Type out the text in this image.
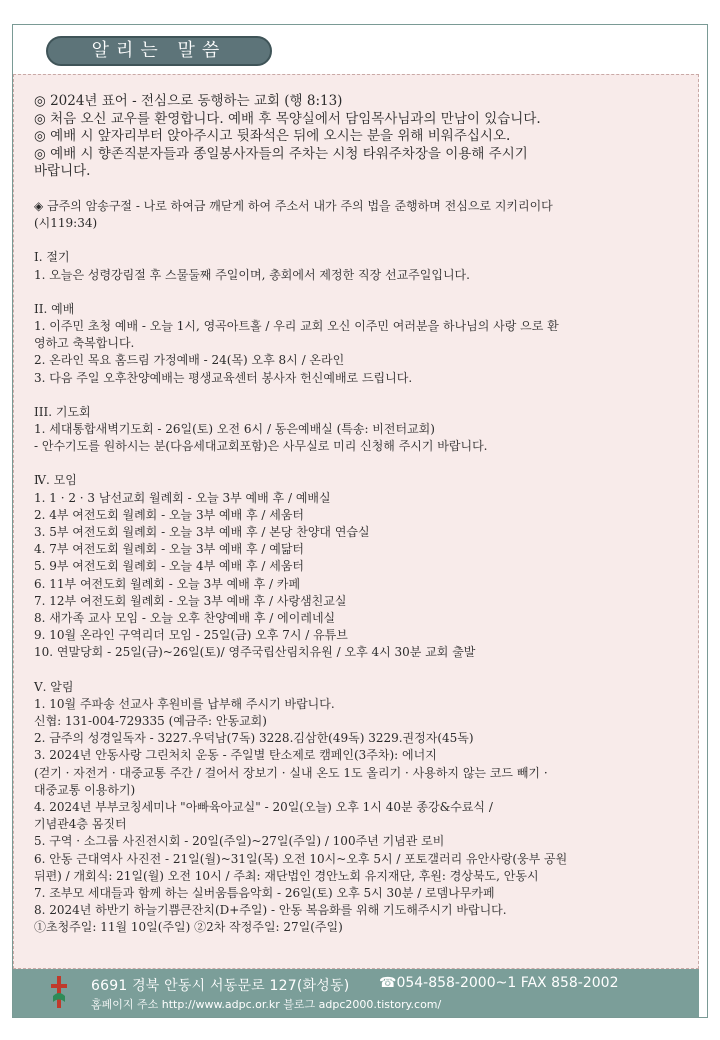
알리는 말씀
◎ 2024년 표어 - 전심으로 동행하는 교회 (행 8:13)
◎ 처음 오신 교우를 환영합니다. 예배 후 목양실에서 담임목사님과의 만남이 있습니다.
◎ 예배 시 앞자리부터 앉아주시고 뒷좌석은 뒤에 오시는 분을 위해 비워주십시오.
◎ 예배 시 향존직분자들과 종일봉사자들의 주차는 시청 타워주차장을 이용해 주시기
바랍니다.
◈ 금주의 암송구절 - 나로 하여금 깨닫게 하여 주소서 내가 주의 법을 준행하며 전심으로 지키리이다
(시119:34)
I. 절기
1. 오늘은 성령강림절 후 스물둘째 주일이며, 총회에서 제정한 직장 선교주일입니다.
II. 예배
1. 이주민 초청 예배 - 오늘 1시, 영곡아트홀 / 우리 교회 오신 이주민 여러분을 하나님의 사랑 으로 환
영하고 축복합니다.
2. 온라인 목요 홈드림 가정예배 - 24(목) 오후 8시 / 온라인
3. 다음 주일 오후찬양예배는 평생교육센터 봉사자 헌신예배로 드립니다.
III. 기도회
1. 세대통합새벽기도회 - 26일(토) 오전 6시 / 동은예배실 (특송: 비전터교회)
- 안수기도를 원하시는 분(다음세대교회포함)은 사무실로 미리 신청해 주시기 바랍니다.
Ⅳ. 모임
1. 1 · 2 · 3 남선교회 월례회 - 오늘 3부 예배 후 / 예배실
2. 4부 여전도회 월례회 - 오늘 3부 예배 후 / 세움터
3. 5부 여전도회 월례회 - 오늘 3부 예배 후 / 본당 찬양대 연습실
4. 7부 여전도회 월례회 - 오늘 3부 예배 후 / 예닮터
5. 9부 여전도회 월례회 - 오늘 4부 예배 후 / 세움터
6. 11부 여전도회 월례회 - 오늘 3부 예배 후 / 카페
7. 12부 여전도회 월례회 - 오늘 3부 예배 후 / 사랑샘친교실
8. 새가족 교사 모임 - 오늘 오후 찬양예배 후 / 에이레네실
9. 10월 온라인 구역리더 모임 - 25일(금) 오후 7시 / 유튜브
10. 연말당회 - 25일(금)~26일(토)/ 영주국립산림치유원 / 오후 4시 30분 교회 출발
Ⅴ. 알림
1. 10월 주파송 선교사 후원비를 납부해 주시기 바랍니다.
신협: 131-004-729335 (예금주: 안동교회)
2. 금주의 성경일독자 - 3227.우덕남(7독) 3228.김삼한(49독) 3229.권정자(45독)
3. 2024년 안동사랑 그린처치 운동 - 주일별 탄소제로 캠페인(3주차): 에너지
(걷기 · 자전거 · 대중교통 주간 / 걸어서 장보기 · 실내 온도 1도 올리기 · 사용하지 않는 코드 빼기 ·
대중교통 이용하기)
4. 2024년 부부코칭세미나 "아빠육아교실" - 20일(오늘) 오후 1시 40분 종강&수료식 /
기념관4층 몸짓터
5. 구역 · 소그룹 사진전시회 - 20일(주일)~27일(주일) / 100주년 기념관 로비
6. 안동 근대역사 사진전 - 21일(월)~31일(목) 오전 10시~오후 5시 / 포토갤러리 유안사랑(웅부 공원
뒤편) / 개회식: 21일(월) 오전 10시 / 주최: 재단법인 경안노회 유지재단, 후원: 경상북도, 안동시
7. 조부모 세대들과 함께 하는 실버움틈음악회 - 26일(토) 오후 5시 30분 / 로뎀나무카페
8. 2024년 하반기 하늘기쁨큰잔치(D+주일) - 안동 복음화를 위해 기도해주시기 바랍니다.
①초청주일: 11월 10일(주일) ②2차 작정주일: 27일(주일)
6691 경북 안동시 서동문로 127(화성동) ☎054-858-2000~1 FAX 858-2002
홈페이지 주소 http://www.adpc.or.kr 블로그 adpc2000.tistory.com/
